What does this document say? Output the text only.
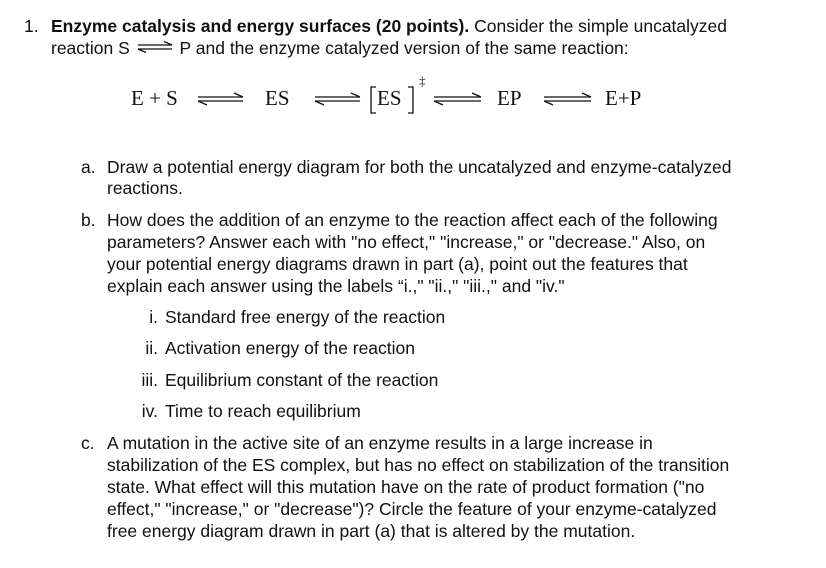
1. Enzyme catalysis and energy surfaces (20 points). Consider the simple uncatalyzed
reaction S ⇌ P and the enzyme catalyzed version of the same reaction:
E + S ⇌ ES ⇌ ES
‡
⇌ EP ⇌ E+P
a. Draw a potential energy diagram for both the uncatalyzed and enzyme-catalyzed
reactions.
b. How does the addition of an enzyme to the reaction affect each of the following
parameters? Answer each with "no effect," "increase," or "decrease." Also, on
your potential energy diagrams drawn in part (a), point out the features that
explain each answer using the labels “i.," "ii.," "iii.," and "iv."
i. Standard free energy of the reaction
ii. Activation energy of the reaction
iii. Equilibrium constant of the reaction
iv. Time to reach equilibrium
c. A mutation in the active site of an enzyme results in a large increase in
stabilization of the ES complex, but has no effect on stabilization of the transition
state. What effect will this mutation have on the rate of product formation ("no
effect," "increase," or "decrease")? Circle the feature of your enzyme-catalyzed
free energy diagram drawn in part (a) that is altered by the mutation.
